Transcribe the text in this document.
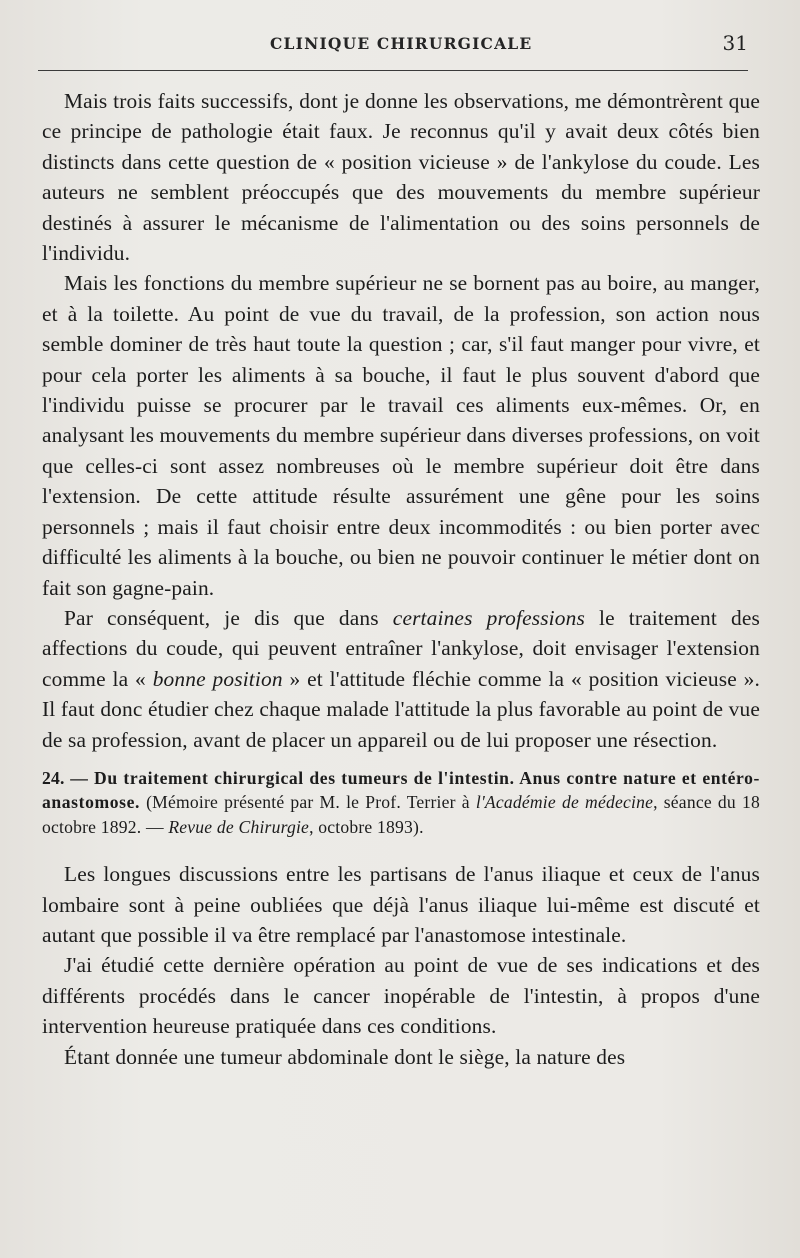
CLINIQUE CHIRURGICALE	31

Mais trois faits successifs, dont je donne les observations, me démontrèrent que ce principe de pathologie était faux. Je reconnus qu'il y avait deux côtés bien distincts dans cette question de « position vicieuse » de l'ankylose du coude. Les auteurs ne semblent préoccupés que des mouvements du membre supérieur destinés à assurer le mécanisme de l'alimentation ou des soins personnels de l'individu.

Mais les fonctions du membre supérieur ne se bornent pas au boire, au manger, et à la toilette. Au point de vue du travail, de la profession, son action nous semble dominer de très haut toute la question ; car, s'il faut manger pour vivre, et pour cela porter les aliments à sa bouche, il faut le plus souvent d'abord que l'individu puisse se procurer par le travail ces aliments eux-mêmes. Or, en analysant les mouvements du membre supérieur dans diverses professions, on voit que celles-ci sont assez nombreuses où le membre supérieur doit être dans l'extension. De cette attitude résulte assurément une gêne pour les soins personnels ; mais il faut choisir entre deux incommodités : ou bien porter avec difficulté les aliments à la bouche, ou bien ne pouvoir continuer le métier dont on fait son gagne-pain.

Par conséquent, je dis que dans certaines professions le traitement des affections du coude, qui peuvent entraîner l'ankylose, doit envisager l'extension comme la « bonne position » et l'attitude fléchie comme la « position vicieuse ». Il faut donc étudier chez chaque malade l'attitude la plus favorable au point de vue de sa profession, avant de placer un appareil ou de lui proposer une résection.

24. — Du traitement chirurgical des tumeurs de l'intestin. Anus contre nature et entéro-anastomose. (Mémoire présenté par M. le Prof. Terrier à l'Académie de médecine, séance du 18 octobre 1892. — Revue de Chirurgie, octobre 1893).

Les longues discussions entre les partisans de l'anus iliaque et ceux de l'anus lombaire sont à peine oubliées que déjà l'anus iliaque lui-même est discuté et autant que possible il va être remplacé par l'anastomose intestinale.

J'ai étudié cette dernière opération au point de vue de ses indications et des différents procédés dans le cancer inopérable de l'intestin, à propos d'une intervention heureuse pratiquée dans ces conditions.

Étant donnée une tumeur abdominale dont le siège, la nature des
